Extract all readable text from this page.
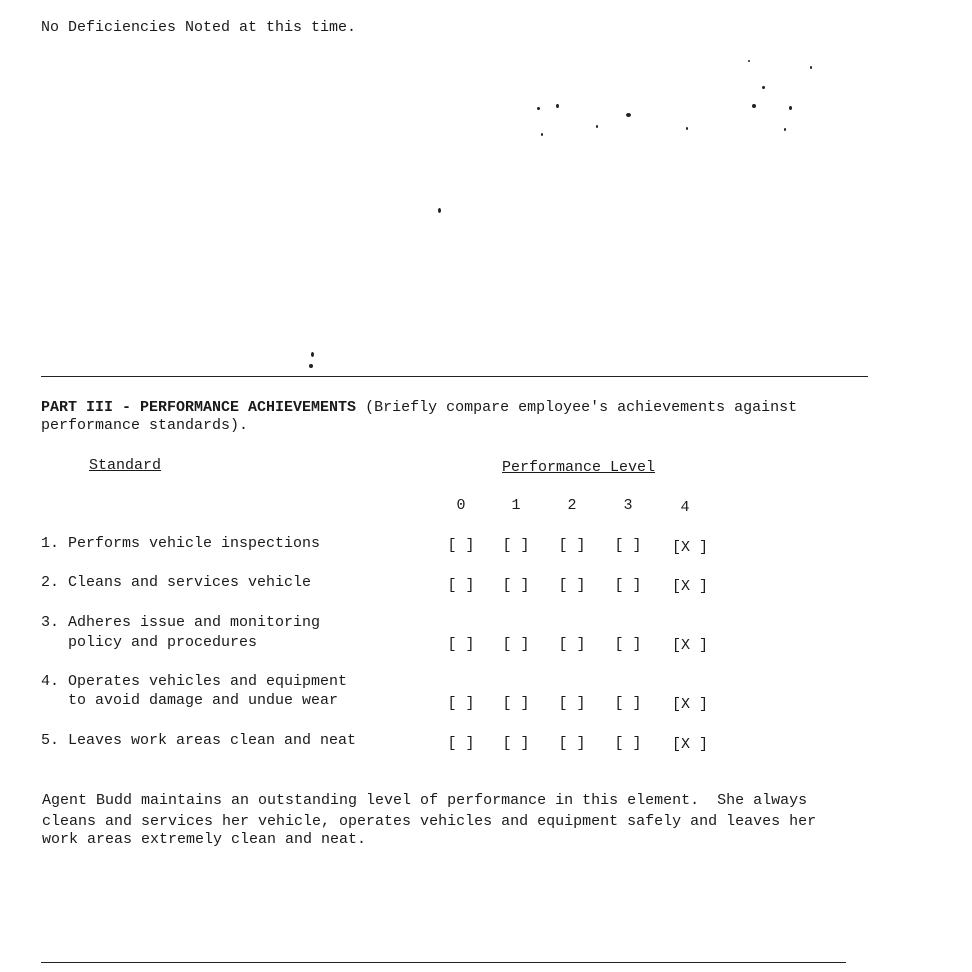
No Deficiencies Noted at this time.
PART III - PERFORMANCE ACHIEVEMENTS (Briefly compare employee's achievements against
performance standards).
Standard	Performance Level
0	1	2	3	4
1. Performs vehicle inspections	[ ] [ ] [ ] [ ] [X ]
2. Cleans and services vehicle	[ ] [ ] [ ] [ ] [X ]
3. Adheres issue and monitoring
policy and procedures	[ ] [ ] [ ] [ ] [X ]
4. Operates vehicles and equipment
to avoid damage and undue wear	[ ] [ ] [ ] [ ] [X ]
5. Leaves work areas clean and neat	[ ] [ ] [ ] [ ] [X ]
Agent Budd maintains an outstanding level of performance in this element.  She always
cleans and services her vehicle, operates vehicles and equipment safely and leaves her
work areas extremely clean and neat.
